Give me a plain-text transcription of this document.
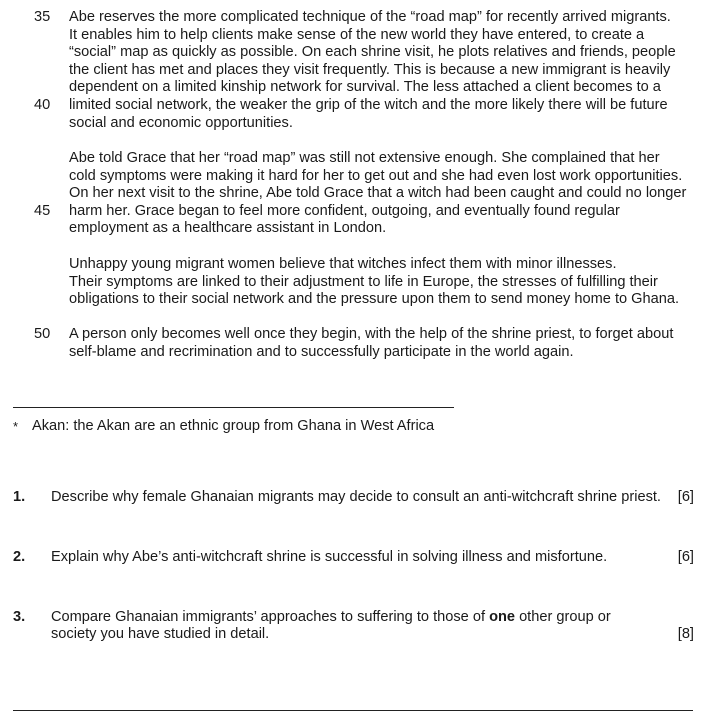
35 Abe reserves the more complicated technique of the “road map” for recently arrived migrants.
It enables him to help clients make sense of the new world they have entered, to create a
“social” map as quickly as possible. On each shrine visit, he plots relatives and friends, people
the client has met and places they visit frequently. This is because a new immigrant is heavily
dependent on a limited kinship network for survival. The less attached a client becomes to a
limited social network, the weaker the grip of the witch and the more likely there will be future
social and economic opportunities.
40
Abe told Grace that her “road map” was still not extensive enough. She complained that her
cold symptoms were making it hard for her to get out and she had even lost work opportunities.
On her next visit to the shrine, Abe told Grace that a witch had been caught and could no longer
harm her. Grace began to feel more confident, outgoing, and eventually found regular
employment as a healthcare assistant in London.
45
Unhappy young migrant women believe that witches infect them with minor illnesses.
Their symptoms are linked to their adjustment to life in Europe, the stresses of fulfilling their
obligations to their social network and the pressure upon them to send money home to Ghana.
50 A person only becomes well once they begin, with the help of the shrine priest, to forget about
self-blame and recrimination and to successfully participate in the world again.
* Akan: the Akan are an ethnic group from Ghana in West Africa
1. Describe why female Ghanaian migrants may decide to consult an anti-witchcraft shrine priest. [6]
2. Explain why Abe’s anti-witchcraft shrine is successful in solving illness and misfortune.	[6]
3. Compare Ghanaian immigrants’ approaches to suffering to those of one other group or
society you have studied in detail.	[8]
